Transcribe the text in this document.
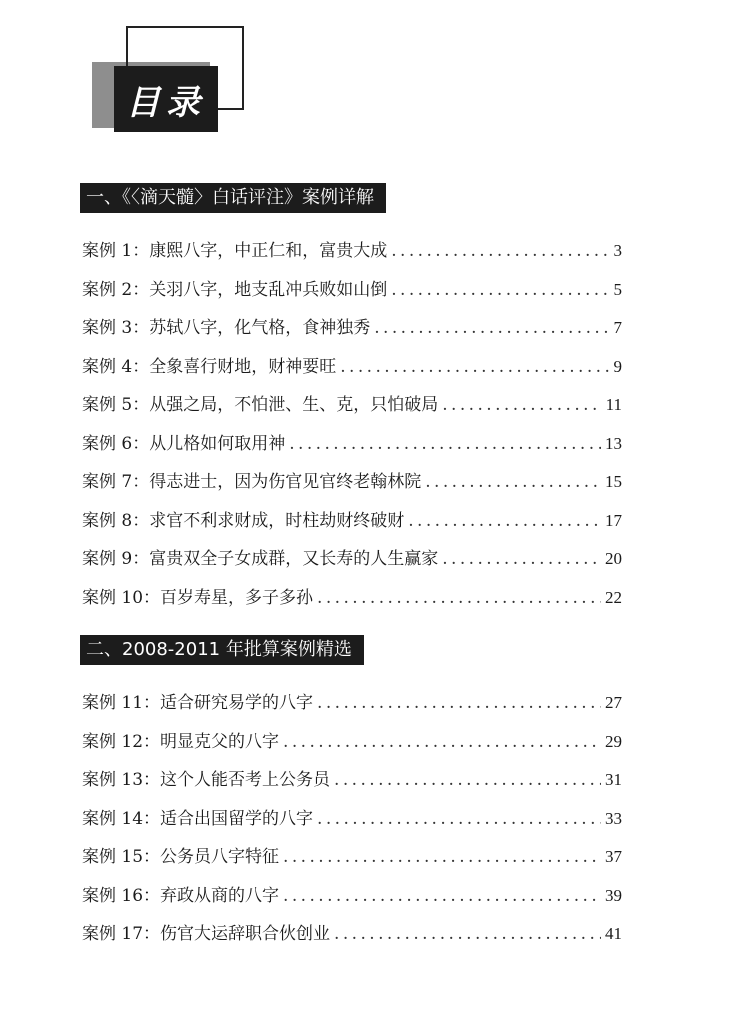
目录
一、《〈滴天髓〉白话评注》案例详解
案例 1： 康熙八字，中正仁和，富贵大成 . . .	3
案例 2： 关羽八字，地支乱冲兵败如山倒 . . .	5
案例 3： 苏轼八字，化气格，食神独秀 . . .	7
案例 4： 全象喜行财地，财神要旺 . . .	9
案例 5： 从强之局，不怕泄、生、克，只怕破局 . . .	11
案例 6： 从儿格如何取用神 . . .	13
案例 7： 得志进士，因为伤官见官终老翰林院 . . .	15
案例 8： 求官不利求财成，时柱劫财终破财 . . .	17
案例 9： 富贵双全子女成群，又长寿的人生赢家 . . .	20
案例 10： 百岁寿星，多子多孙 . . .	22
二、2008-2011 年批算案例精选
案例 11： 适合研究易学的八字 . . .	27
案例 12： 明显克父的八字 . . .	29
案例 13： 这个人能否考上公务员 . . .	31
案例 14： 适合出国留学的八字 . . .	33
案例 15： 公务员八字特征 . . .	37
案例 16： 弃政从商的八字 . . .	39
案例 17： 伤官大运辞职合伙创业 . . .	41
